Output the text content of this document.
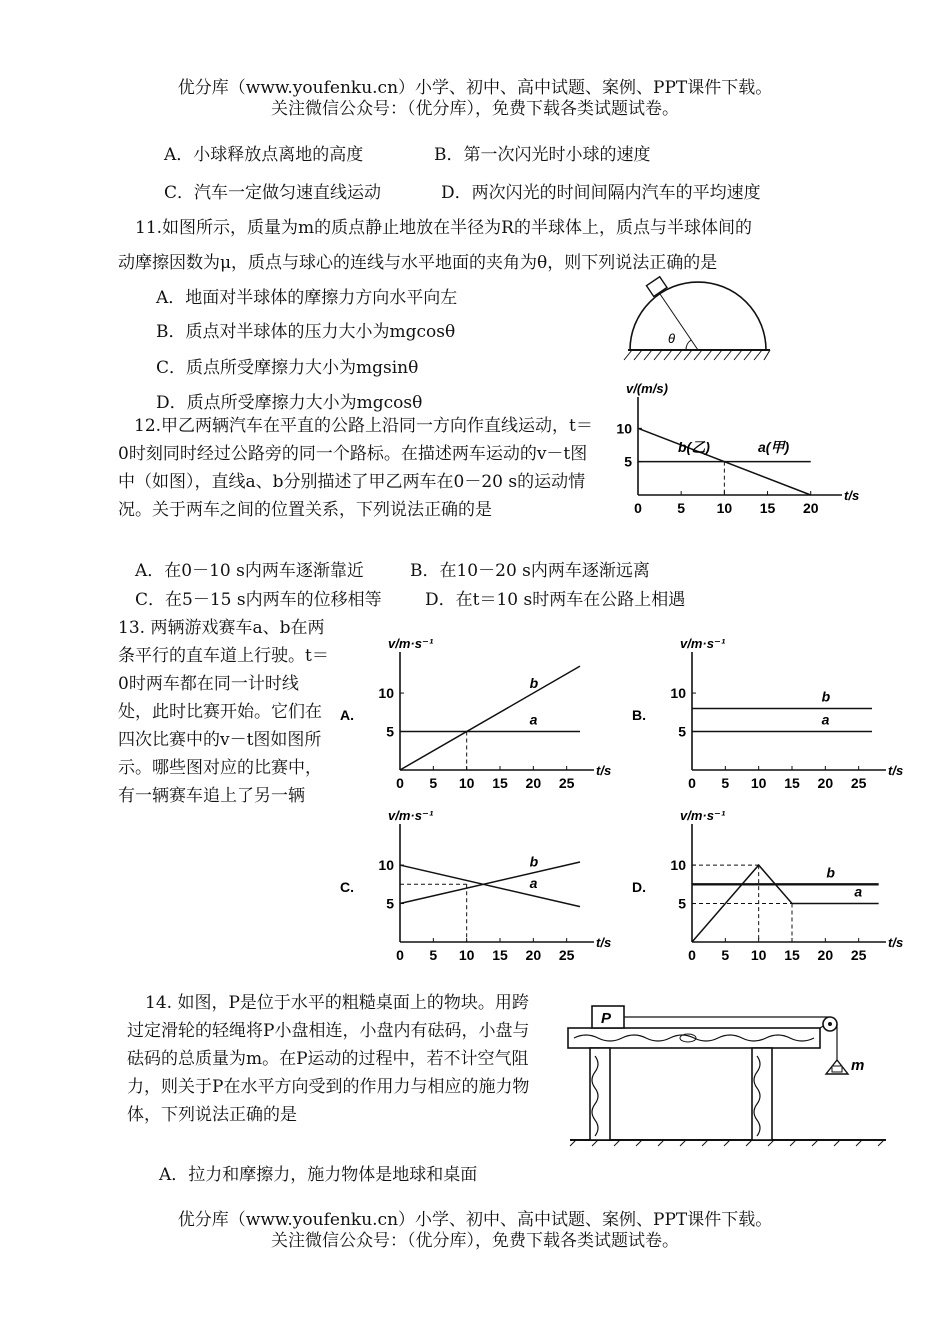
优分库（www.youfenku.cn）小学、初中、高中试题、案例、PPT课件下载。
关注微信公众号：（优分库），免费下载各类试题试卷。
A．小球释放点离地的高度	B．第一次闪光时小球的速度
C．汽车一定做匀速直线运动	D．两次闪光的时间间隔内汽车的平均速度
11.如图所示，质量为m的质点静止地放在半径为R的半球体上，质点与半球体间的
动摩擦因数为μ，质点与球心的连线与水平地面的夹角为θ，则下列说法正确的是
A．地面对半球体的摩擦力方向水平向左
B．质点对半球体的压力大小为mgcosθ
C．质点所受摩擦力大小为mgsinθ
D．质点所受摩擦力大小为mgcosθ
θ
12.甲乙两辆汽车在平直的公路上沿同一方向作直线运动，t＝0时刻同时经过公路旁的同一个路标。在描述两车运动的v－t图中（如图），直线a、b分别描述了甲乙两车在0－20 s的运动情况。关于两车之间的位置关系，下列说法正确的是
A．在0－10 s内两车逐渐靠近	B．在10－20 s内两车逐渐远离
C．在5－15 s内两车的位移相等	D．在t＝10 s时两车在公路上相遇
t/s
v/(m/s)
0	5 10 15 20
5
10
b(乙)	a(甲)
13. 两辆游戏赛车a、b在两条平行的直车道上行驶。t＝0时两车都在同一计时线处，此时比赛开始。它们在四次比赛中的v－t图如图所示。哪些图对应的比赛中，有一辆赛车追上了另一辆
t/s
v/m·s⁻¹
A.
0 5 10 15 20 25
5
10
b
a
t/s
v/m·s⁻¹
B.
0 5 10 15 20 25
5
10	b
a
t/s
v/m·s⁻¹
C.
0 5 10 15 20 25
5
10	b
a
t/s
v/m·s⁻¹
D.
0 5 10 15 20 25
5
10	b
a
14. 如图，P是位于水平的粗糙桌面上的物块。用跨过定滑轮的轻绳将P小盘相连，小盘内有砝码，小盘与砝码的总质量为m。在P运动的过程中，若不计空气阻力，则关于P在水平方向受到的作用力与相应的施力物体，下列说法正确的是
A．拉力和摩擦力，施力物体是地球和桌面
P
m
优分库（www.youfenku.cn）小学、初中、高中试题、案例、PPT课件下载。
关注微信公众号：（优分库），免费下载各类试题试卷。
